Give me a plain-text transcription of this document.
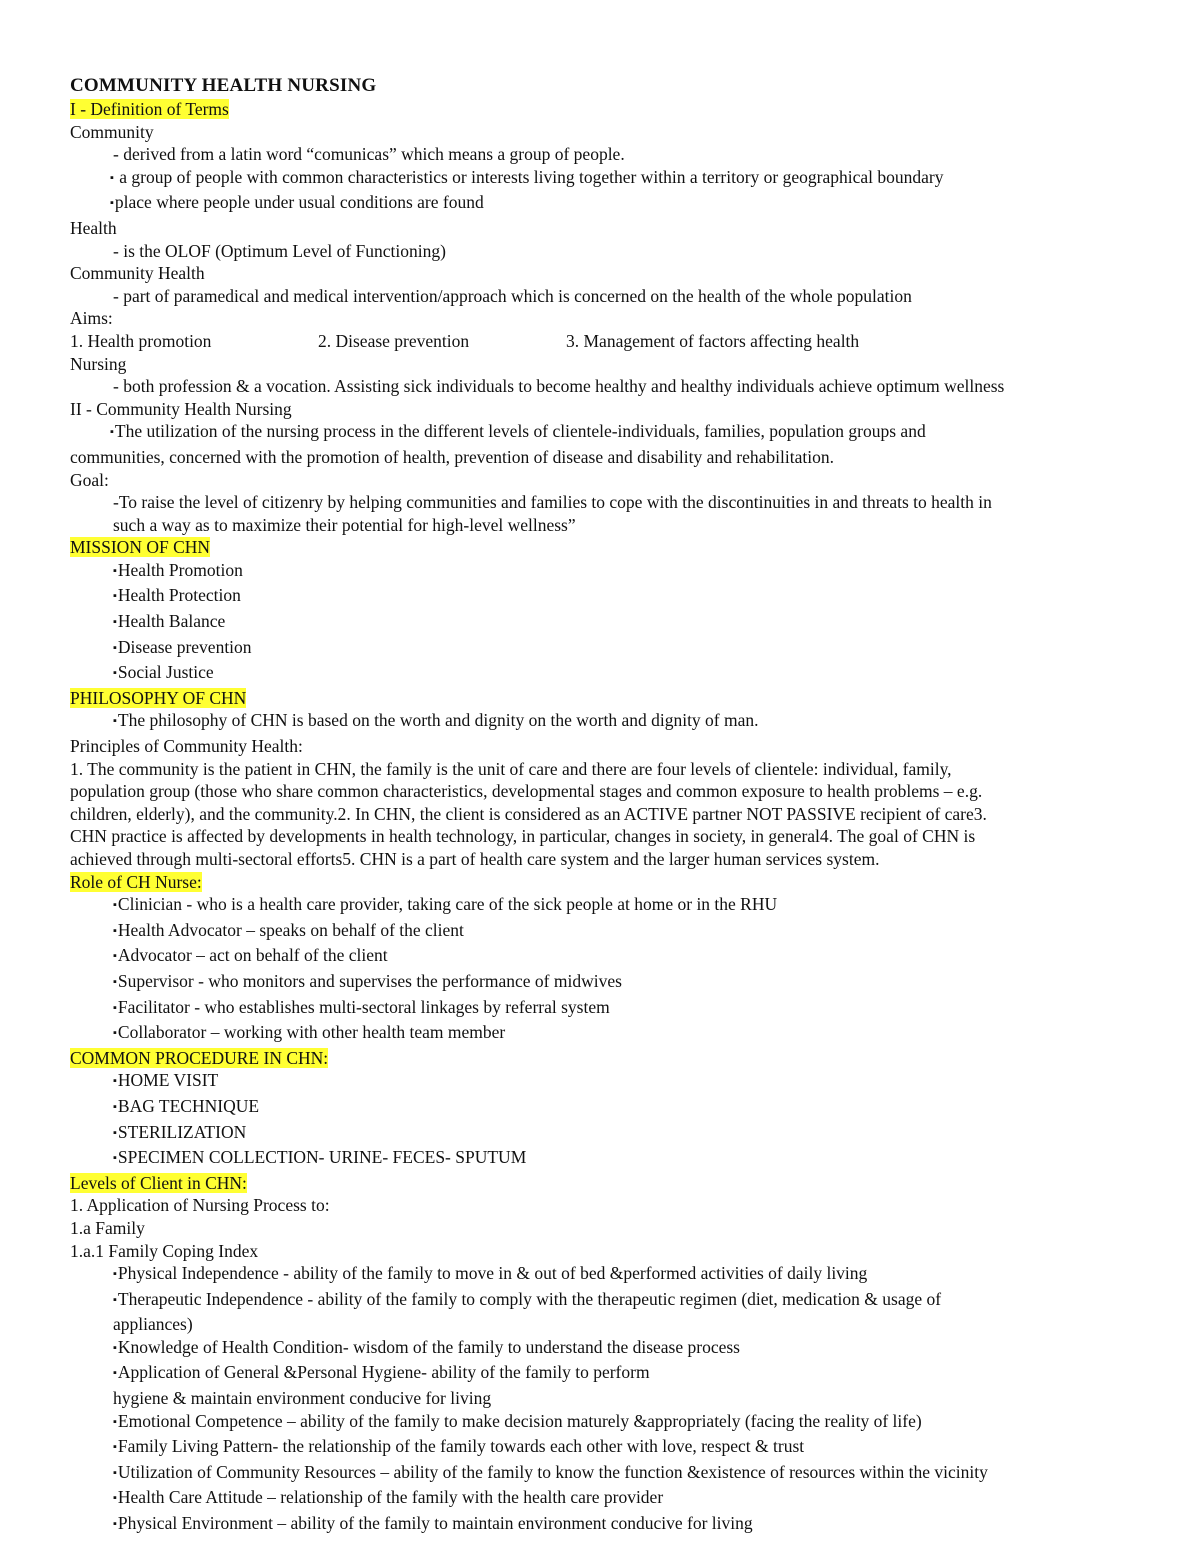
COMMUNITY HEALTH NURSING
I - Definition of Terms
Community
- derived from a latin word “comunicas” which means a group of people.
▪ a group of people with common characteristics or interests living together within a territory or geographical boundary
▪ place where people under usual conditions are found
Health
- is the OLOF (Optimum Level of Functioning)
Community Health
- part of paramedical and medical intervention/approach which is concerned on the health of the whole population
Aims:
1. Health promotion	2. Disease prevention	3. Management of factors affecting health
Nursing
- both profession & a vocation. Assisting sick individuals to become healthy and healthy individuals achieve optimum wellness
II - Community Health Nursing
▪ The utilization of the nursing process in the different levels of clientele-individuals, families, population groups and
communities, concerned with the promotion of health, prevention of disease and disability and rehabilitation.
Goal:
-To raise the level of citizenry by helping communities and families to cope with the discontinuities in and threats to health in
such a way as to maximize their potential for high-level wellness”
MISSION OF CHN
▪ Health Promotion
▪ Health Protection
▪ Health Balance
▪ Disease prevention
▪ Social Justice
PHILOSOPHY OF CHN
▪ The philosophy of CHN is based on the worth and dignity on the worth and dignity of man.
Principles of Community Health:
1. The community is the patient in CHN, the family is the unit of care and there are four levels of clientele: individual, family,
population group (those who share common characteristics, developmental stages and common exposure to health problems – e.g.
children, elderly), and the community.2. In CHN, the client is considered as an ACTIVE partner NOT PASSIVE recipient of care3.
CHN practice is affected by developments in health technology, in particular, changes in society, in general4. The goal of CHN is
achieved through multi-sectoral efforts5. CHN is a part of health care system and the larger human services system.
Role of CH Nurse:
▪ Clinician - who is a health care provider, taking care of the sick people at home or in the RHU
▪ Health Advocator – speaks on behalf of the client
▪ Advocator – act on behalf of the client
▪ Supervisor - who monitors and supervises the performance of midwives
▪ Facilitator - who establishes multi-sectoral linkages by referral system
▪ Collaborator – working with other health team member
COMMON PROCEDURE IN CHN:
▪ HOME VISIT
▪ BAG TECHNIQUE
▪ STERILIZATION
▪ SPECIMEN COLLECTION- URINE- FECES- SPUTUM
Levels of Client in CHN:
1. Application of Nursing Process to:
1.a Family
1.a.1 Family Coping Index
▪ Physical Independence - ability of the family to move in & out of bed &performed activities of daily living
▪ Therapeutic Independence - ability of the family to comply with the therapeutic regimen (diet, medication & usage of
appliances)
▪ Knowledge of Health Condition- wisdom of the family to understand the disease process
▪ Application of General &Personal Hygiene- ability of the family to perform
hygiene & maintain environment conducive for living
▪ Emotional Competence – ability of the family to make decision maturely &appropriately (facing the reality of life)
▪ Family Living Pattern- the relationship of the family towards each other with love, respect & trust
▪ Utilization of Community Resources – ability of the family to know the function &existence of resources within the vicinity
▪ Health Care Attitude – relationship of the family with the health care provider
▪ Physical Environment – ability of the family to maintain environment conducive for living
